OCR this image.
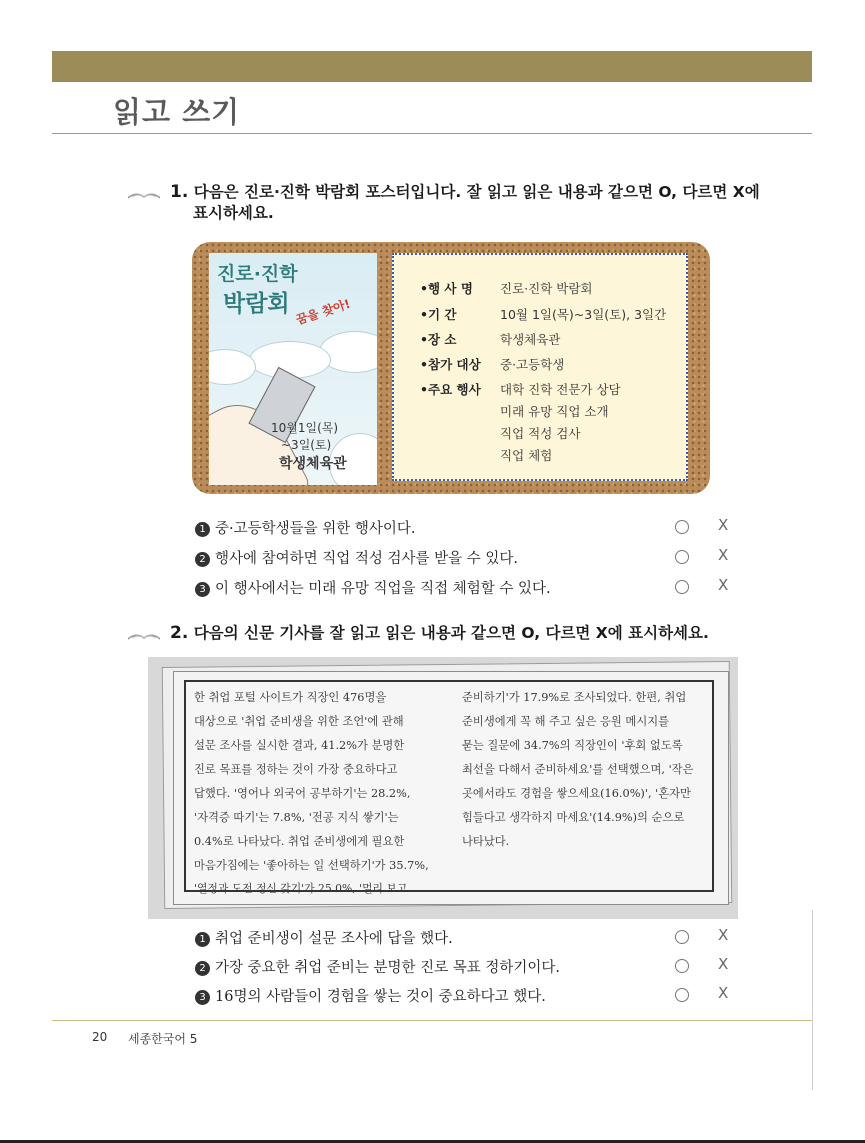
읽고 쓰기
1. 다음은 진로·진학 박람회 포스터입니다. 잘 읽고 읽은 내용과 같으면 O, 다르면 X에
표시하세요.
진로·진학
박람회 꿈을 찾아!
10월1일(목)
~3일(토)
학생체육관
•행 사 명	진로·진학 박람회
•기 간	10월 1일(목)~3일(토), 3일간
•장 소	학생체육관
•참가 대상	중·고등학생
•주요 행사	대학 진학 전문가 상담
미래 유망 직업 소개
직업 적성 검사
직업 체험
1 중·고등학생들을 위한 행사이다.	X
2 행사에 참여하면 직업 적성 검사를 받을 수 있다.	X
3 이 행사에서는 미래 유망 직업을 직접 체험할 수 있다.	X
2. 다음의 신문 기사를 잘 읽고 읽은 내용과 같으면 O, 다르면 X에 표시하세요.
한 취업 포털 사이트가 직장인 476명을
대상으로 '취업 준비생을 위한 조언'에 관해
설문 조사를 실시한 결과, 41.2%가 분명한
진로 목표를 정하는 것이 가장 중요하다고
답했다. '영어나 외국어 공부하기'는 28.2%,
'자격증 따기'는 7.8%, '전공 지식 쌓기'는
0.4%로 나타났다. 취업 준비생에게 필요한
마음가짐에는 '좋아하는 일 선택하기'가 35.7%,
'열정과 도전 정신 갖기'가 25.0%, '멀리 보고
준비하기'가 17.9%로 조사되었다. 한편, 취업
준비생에게 꼭 해 주고 싶은 응원 메시지를
묻는 질문에 34.7%의 직장인이 '후회 없도록
최선을 다해서 준비하세요'를 선택했으며, '작은
곳에서라도 경험을 쌓으세요(16.0%)', '혼자만
힘들다고 생각하지 마세요'(14.9%)의 순으로
나타났다.
1 취업 준비생이 설문 조사에 답을 했다.	X
2 가장 중요한 취업 준비는 분명한 진로 목표 정하기이다.	X
3 16명의 사람들이 경험을 쌓는 것이 중요하다고 했다.	X
20 세종한국어 5
